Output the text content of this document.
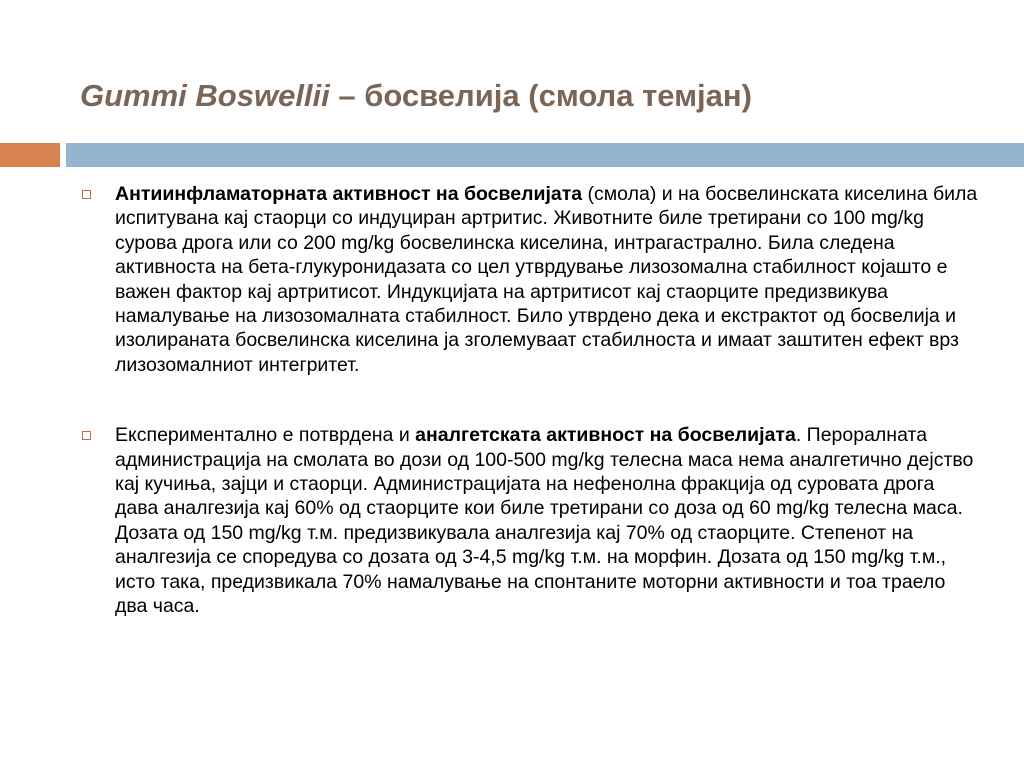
Gummi Boswellii – босвелија (смола темјан)
Антиинфламаторната активност на босвелијата (смола) и на босвелинската киселина била испитувана кај стаорци со индуциран артритис. Животните биле третирани со 100 mg/kg сурова дрога или со 200 mg/kg босвелинска киселина, интрагастрално. Била следена активноста на бета-глукуронидазата со цел утврдување лизозомална стабилност којашто е важен фактор кај артритисот. Индукцијата на артритисот кај стаорците предизвикува намалување на лизозомалната стабилност. Било утврдено дека и екстрактот од босвелија и изолираната босвелинска киселина ја зголемуваат стабилноста и имаат заштитен ефект врз лизозомалниот интегритет.
Експериментално е потврдена и аналгетската активност на босвелијата. Пероралната администрација на смолата во дози од 100-500 mg/kg телесна маса нема аналгетично дејство кај кучиња, зајци и стаорци. Администрацијата на нефенолна фракција од суровата дрога дава аналгезија кај 60% од стаорците кои биле третирани со доза од 60 mg/kg телесна маса. Дозата од 150 mg/kg т.м. предизвикувала аналгезија кај 70% од стаорците. Степенот на аналгезија се споредува со дозата од 3-4,5 mg/kg т.м. на морфин. Дозата од 150 mg/kg т.м., исто така, предизвикала 70% намалување на спонтаните моторни активности и тоа траело два часа.
